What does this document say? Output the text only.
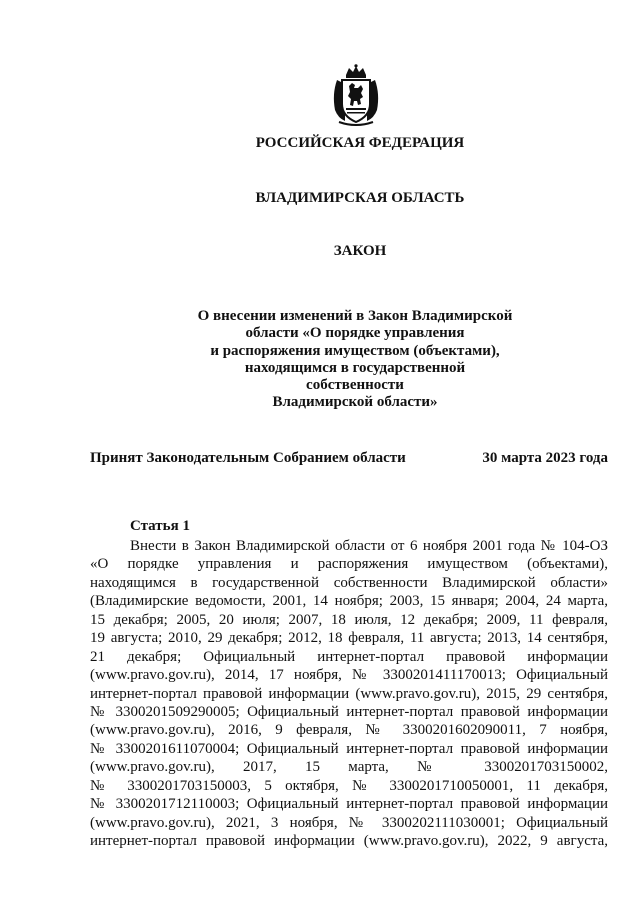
РОССИЙСКАЯ ФЕДЕРАЦИЯ
ВЛАДИМИРСКАЯ ОБЛАСТЬ
ЗАКОН
О внесении изменений в Закон Владимирской
области «О порядке управления
и распоряжения имуществом (объектами),
находящимся в государственной
собственности
Владимирской области»
Принят Законодательным Собранием области	30 марта 2023 года
Статья 1
Внести в Закон Владимирской области от 6 ноября 2001 года № 104-ОЗ
«О порядке управления и распоряжения имуществом (объектами),
находящимся в государственной собственности Владимирской области»
(Владимирские ведомости, 2001, 14 ноября; 2003, 15 января; 2004, 24 марта,
15 декабря; 2005, 20 июля; 2007, 18 июля, 12 декабря; 2009, 11 февраля,
19 августа; 2010, 29 декабря; 2012, 18 февраля, 11 августа; 2013, 14 сентября,
21 декабря; Официальный интернет-портал правовой информации
(www.pravo.gov.ru), 2014, 17 ноября, № 3300201411170013; Официальный
интернет-портал правовой информации (www.pravo.gov.ru), 2015, 29 сентября,
№ 3300201509290005; Официальный интернет-портал правовой информации
(www.pravo.gov.ru), 2016, 9 февраля, № 3300201602090011, 7 ноября,
№ 3300201611070004; Официальный интернет-портал правовой информации
(www.pravo.gov.ru), 2017, 15 марта, № 3300201703150002,
№ 3300201703150003, 5 октября, № 3300201710050001, 11 декабря,
№ 3300201712110003; Официальный интернет-портал правовой информации
(www.pravo.gov.ru), 2021, 3 ноября, № 3300202111030001; Официальный
интернет-портал правовой информации (www.pravo.gov.ru), 2022, 9 августа,
